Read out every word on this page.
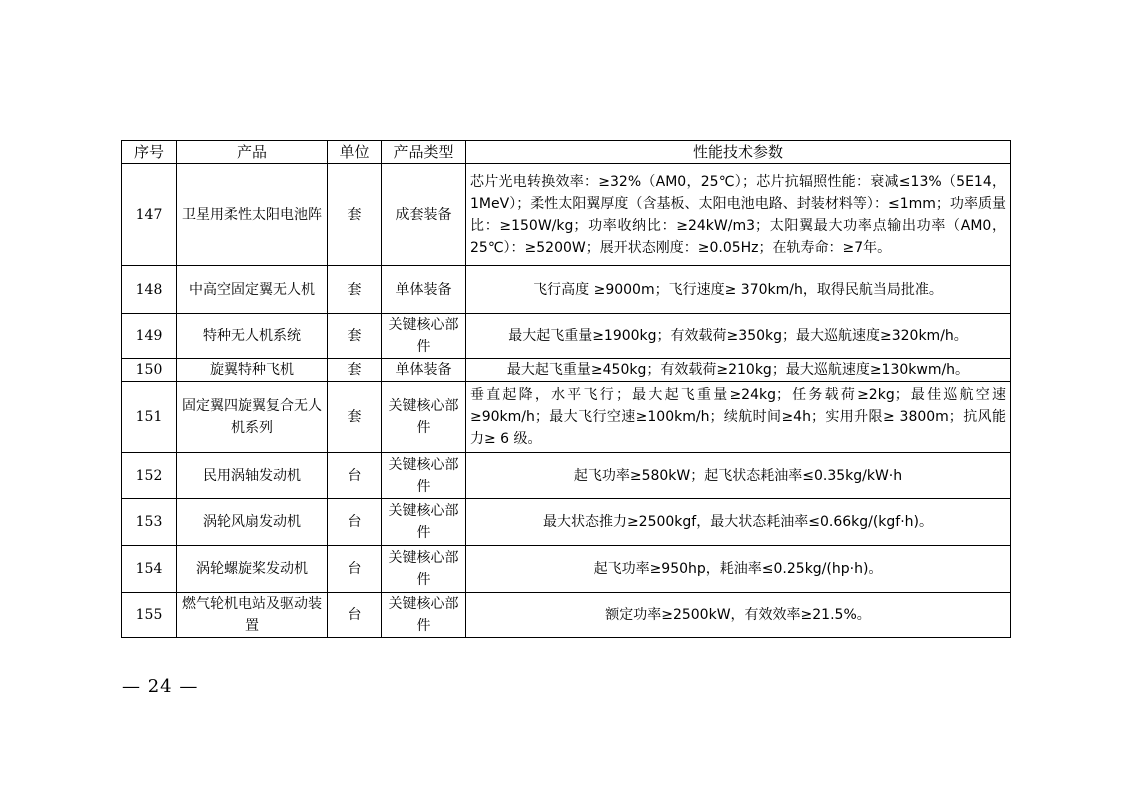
序号	产品	单位	产品类型	性能技术参数
147	卫星用柔性太阳电池阵	套	成套装备	芯片光电转换效率：≥32%（AM0，25℃）；芯片抗辐照性能：衰减≤13%（5E14，1MeV）；柔性太阳翼厚度（含基板、太阳电池电路、封装材料等）：≤1mm；功率质量比：≥150W/kg；功率收纳比：≥24kW/m3；太阳翼最大功率点输出功率（AM0，25℃）：≥5200W；展开状态刚度：≥0.05Hz；在轨寿命：≥7年。
148	中高空固定翼无人机	套	单体装备	飞行高度 ≥9000m；飞行速度≥ 370km/h，取得民航当局批准。
149	特种无人机系统	套	关键核心部件	最大起飞重量≥1900kg；有效载荷≥350kg；最大巡航速度≥320km/h。
150	旋翼特种飞机	套	单体装备	最大起飞重量≥450kg；有效载荷≥210kg；最大巡航速度≥130kwm/h。
151	固定翼四旋翼复合无人机系列	套	关键核心部件	垂直起降，水平飞行；最大起飞重量≥24kg；任务载荷≥2kg；最佳巡航空速≥90km/h；最大飞行空速≥100km/h；续航时间≥4h；实用升限≥ 3800m；抗风能力≥ 6 级。
152	民用涡轴发动机	台	关键核心部件	起飞功率≥580kW；起飞状态耗油率≤0.35kg/kW·h
153	涡轮风扇发动机	台	关键核心部件	最大状态推力≥2500kgf，最大状态耗油率≤0.66kg/(kgf·h)。
154	涡轮螺旋桨发动机	台	关键核心部件	起飞功率≥950hp，耗油率≤0.25kg/(hp·h)。
155	燃气轮机电站及驱动装置	台	关键核心部件	额定功率≥2500kW，有效效率≥21.5%。
— 24 —
